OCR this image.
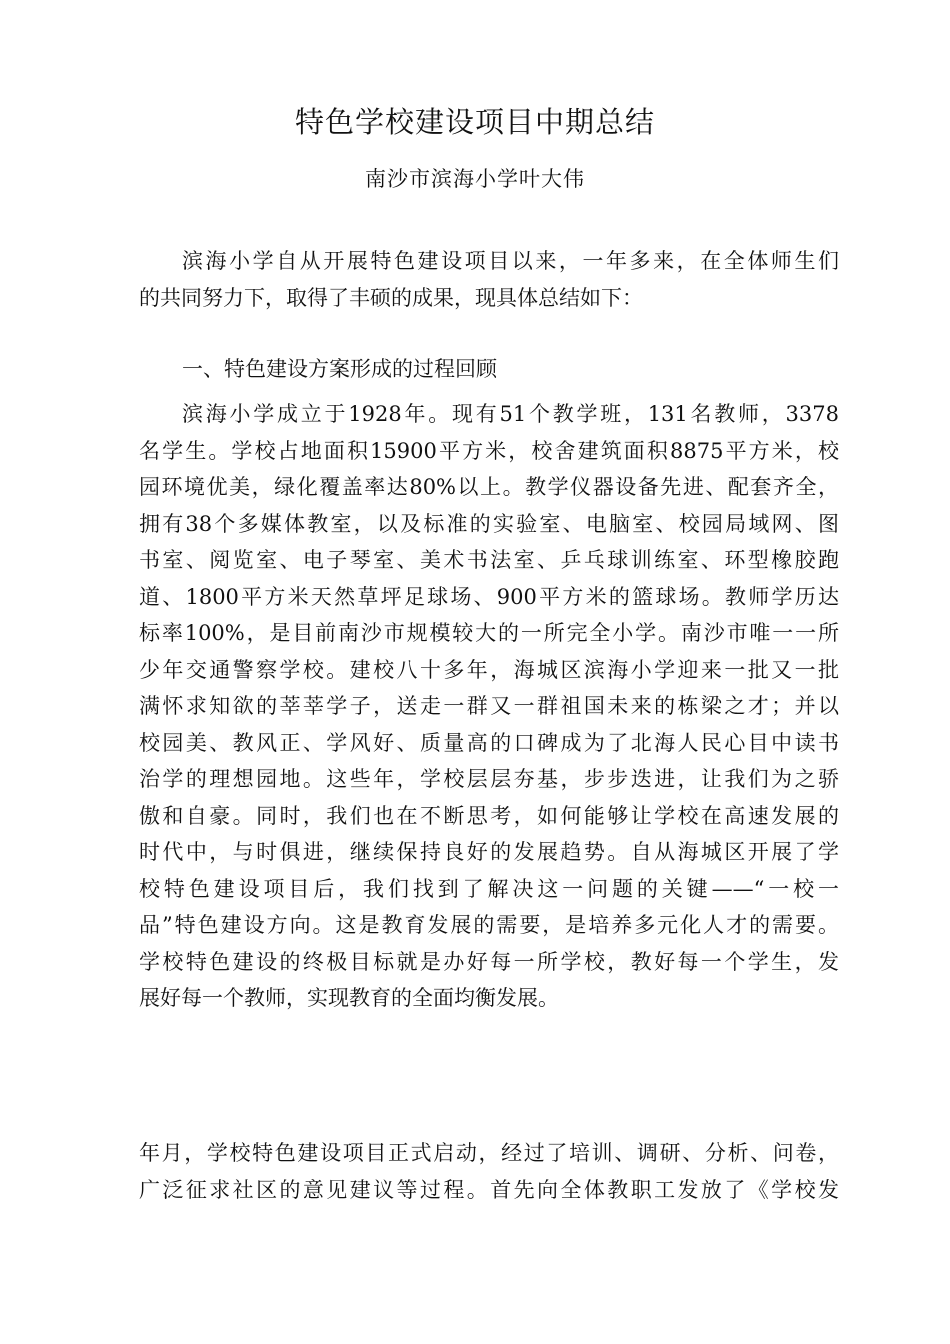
特色学校建设项目中期总结
南沙市滨海小学叶大伟
滨海小学自从开展特色建设项目以来，一年多来，在全体师生们
的共同努力下，取得了丰硕的成果，现具体总结如下：
一、特色建设方案形成的过程回顾
滨海小学成立于1928年。现有51个教学班，131名教师，3378
名学生。学校占地面积15900平方米，校舍建筑面积8875平方米，校
园环境优美，绿化覆盖率达80%以上。教学仪器设备先进、配套齐全，
拥有38个多媒体教室，以及标准的实验室、电脑室、校园局域网、图
书室、阅览室、电子琴室、美术书法室、乒乓球训练室、环型橡胶跑
道、1800平方米天然草坪足球场、900平方米的篮球场。教师学历达
标率100%，是目前南沙市规模较大的一所完全小学。南沙市唯一一所
少年交通警察学校。建校八十多年，海城区滨海小学迎来一批又一批
满怀求知欲的莘莘学子，送走一群又一群祖国未来的栋梁之才；并以
校园美、教风正、学风好、质量高的口碑成为了北海人民心目中读书
治学的理想园地。这些年，学校层层夯基，步步迭进，让我们为之骄
傲和自豪。同时，我们也在不断思考，如何能够让学校在高速发展的
时代中，与时俱进，继续保持良好的发展趋势。自从海城区开展了学
校特色建设项目后，我们找到了解决这一问题的关键——“一校一
品”特色建设方向。这是教育发展的需要，是培养多元化人才的需要。
学校特色建设的终极目标就是办好每一所学校，教好每一个学生，发
展好每一个教师，实现教育的全面均衡发展。
年月，学校特色建设项目正式启动，经过了培训、调研、分析、问卷，
广泛征求社区的意见建议等过程。首先向全体教职工发放了《学校发
